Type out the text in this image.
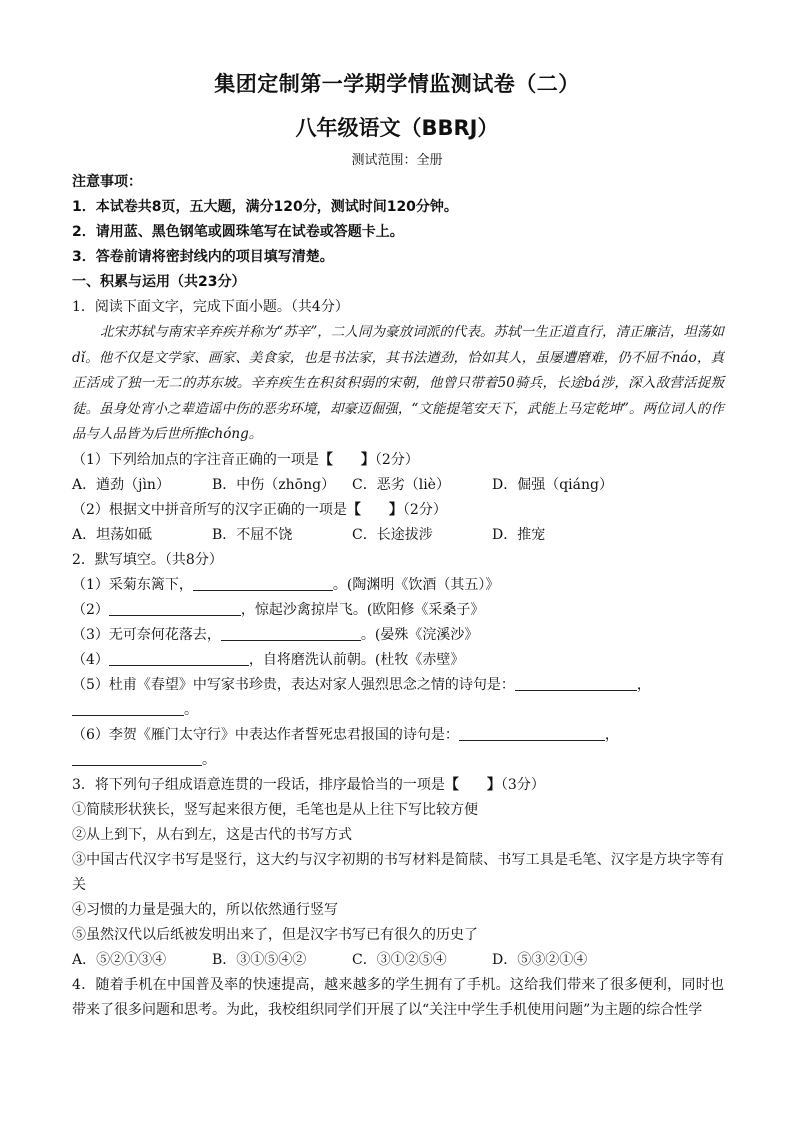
集团定制第一学期学情监测试卷（二）
八年级语文（BBRJ）
测试范围：全册
注意事项：
1．本试卷共8页，五大题，满分120分，测试时间120分钟。
2．请用蓝、黑色钢笔或圆珠笔写在试卷或答题卡上。
3．答卷前请将密封线内的项目填写清楚。
一、积累与运用（共23分）
1．阅读下面文字，完成下面小题。（共4分）

北宋苏轼与南宋辛弃疾并称为“苏辛”，二人同为豪放词派的代表。苏轼一生正道直行，清正廉洁，坦荡如dǐ。他不仅是文学家、画家、美食家，也是书法家，其书法遒劲，恰如其人，虽屡遭磨难，仍不屈不náo，真正活成了独一无二的苏东坡。辛弃疾生在积贫积弱的宋朝，他曾只带着50骑兵，长途bá涉，深入敌营活捉叛徒。虽身处宵小之辈造谣中伤的恶劣环境，却豪迈倔强，“文能提笔安天下，武能上马定乾坤”。两位词人的作品与人品皆为后世所推chóng。

（1）下列给加点的字注音正确的一项是【　　】（2分）
A．遒劲（jìn）	B．中伤（zhōng）	C．恶劣（liè）	D．倔强（qiáng）
（2）根据文中拼音所写的汉字正确的一项是【　　】（2分）
A．坦荡如砥	B．不屈不饶	C．长途拔涉	D．推宠
2．默写填空。（共8分）
（1）采菊东篱下，	。(陶渊明《饮酒（其五）》
（2）	，惊起沙禽掠岸飞。(欧阳修《采桑子》
（3）无可奈何花落去，	。(晏殊《浣溪沙》
（4）	，自将磨洗认前朝。(杜牧《赤壁》
（5）杜甫《春望》中写家书珍贵，表达对家人强烈思念之情的诗句是：	，
。
（6）李贺《雁门太守行》中表达作者誓死忠君报国的诗句是：	，
。
3．将下列句子组成语意连贯的一段话，排序最恰当的一项是【　　】（3分）
①简牍形状狭长，竖写起来很方便，毛笔也是从上往下写比较方便
②从上到下，从右到左，这是古代的书写方式
③中国古代汉字书写是竖行，这大约与汉字初期的书写材料是简牍、书写工具是毛笔、汉字是方块字等有关
④习惯的力量是强大的，所以依然通行竖写
⑤虽然汉代以后纸被发明出来了，但是汉字书写已有很久的历史了
A．⑤②①③④	B．③①⑤④②	C．③①②⑤④	D．⑤③②①④
4．随着手机在中国普及率的快速提高，越来越多的学生拥有了手机。这给我们带来了很多便利，同时也带来了很多问题和思考。为此，我校组织同学们开展了以“关注中学生手机使用问题”为主题的综合性学
